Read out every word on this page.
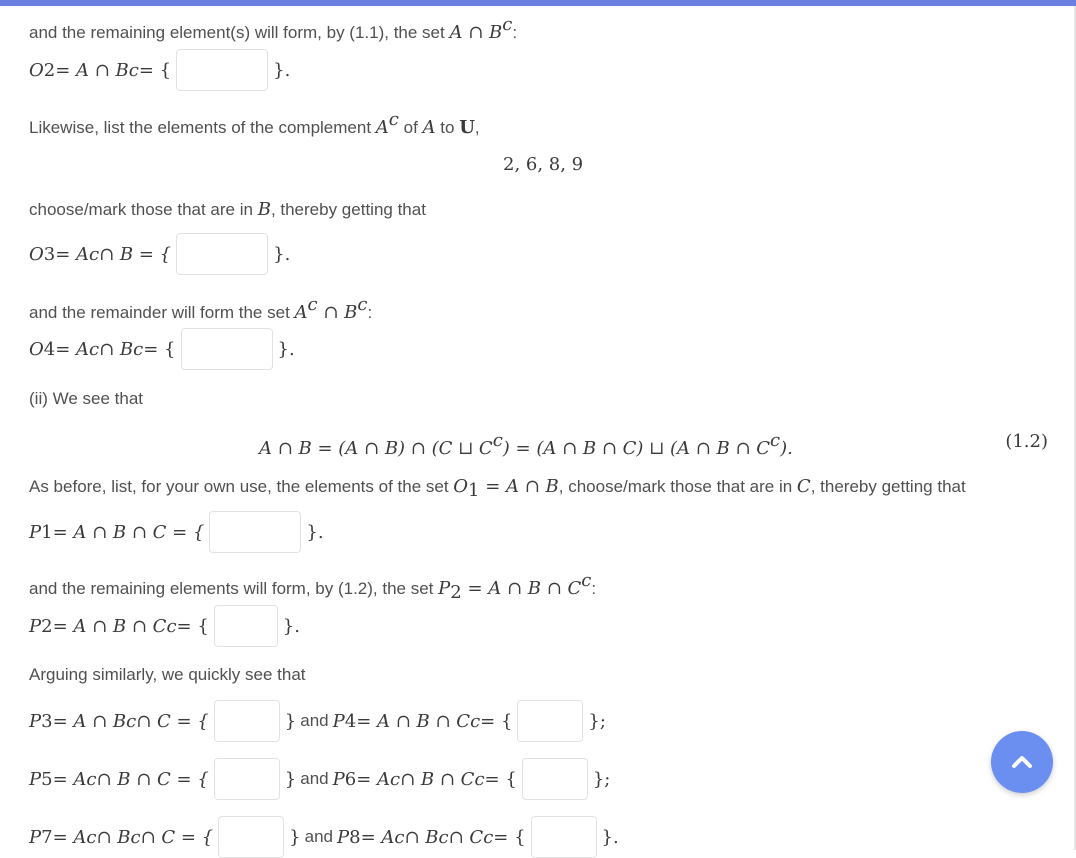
and the remaining element(s) will form, by (1.1), the set A ∩ $B^c$:
O 2 = A ∩ B c = {	}.
Likewise, list the elements of the complement $A^c$ of A to U,
2, 6, 8, 9
choose/mark those that are in B, thereby getting that
O 3 = A c ∩ B = {	}.
and the remainder will form the set $A^c$ ∩ $B^c$:
O 4 = A c ∩ B c = {	}.
(ii) We see that
A ∩ B = (A ∩ B) ∩ (C ⊔ $C^c) = (A$ ∩ B ∩ C) ⊔ (A ∩ B ∩ $C^c$).	(1.2)
As before, list, for your own use, the elements of the set $O_1 = A$ ∩ B, choose/mark those that are in C, thereby getting that
P 1 = A ∩ B ∩ C = {	}.
and the remaining elements will form, by (1.2), the set $P_2 = A$ ∩ B ∩ $C^c$:
P 2 = A ∩ B ∩ C c = {	}.
Arguing similarly, we quickly see that
P 3 = A ∩ B c ∩ C = {	} and P 4 = A ∩ B ∩ C c = {	};
P 5 = A c ∩ B ∩ C = {	} and P 6 = A c ∩ B ∩ C c = {	};
P 7 = A c ∩ B c ∩ C = {	} and P 8 = A c ∩ B c ∩ C c = {	}.
